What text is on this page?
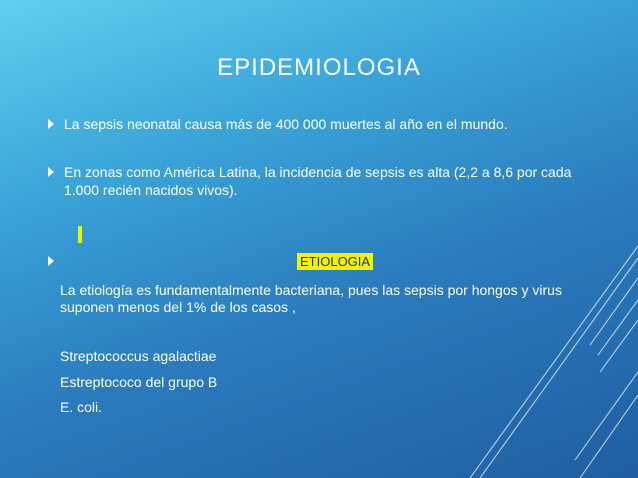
EPIDEMIOLOGIA
La sepsis neonatal causa más de 400 000 muertes al año en el mundo.
En zonas como América Latina, la incidencia de sepsis es alta (2,2 a 8,6 por cada 1.000 recién nacidos vivos).
ETIOLOGIA
La etiología es fundamentalmente bacteriana, pues las sepsis por hongos y virus suponen menos del 1% de los casos ,
Streptococcus agalactiae
Estreptococo del grupo B
E. coli.
